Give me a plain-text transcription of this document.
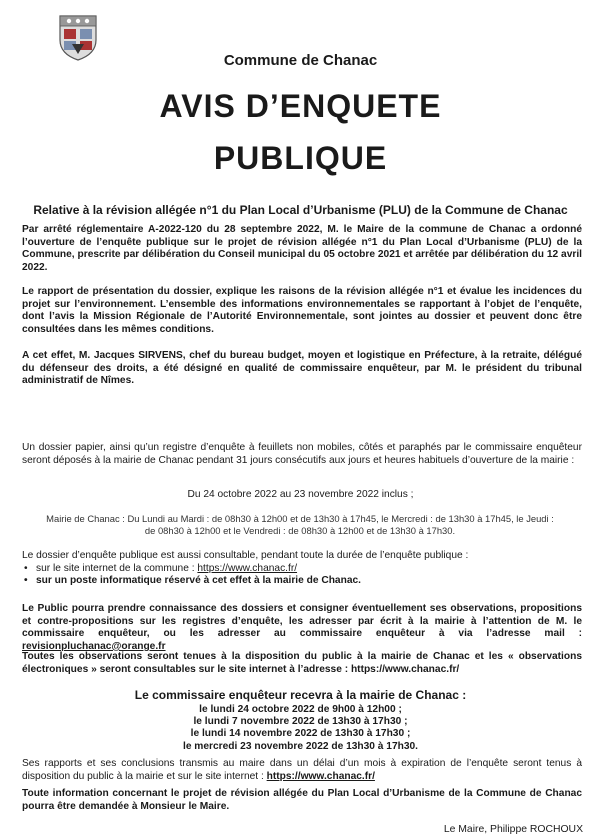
Commune de Chanac
AVIS D’ENQUETE
PUBLIQUE
Relative à la révision allégée n°1 du Plan Local d’Urbanisme (PLU) de la Commune de Chanac
Par arrêté réglementaire A-2022-120 du 28 septembre 2022, M. le Maire de la commune de Chanac a ordonné l’ouverture de l’enquête publique sur le projet de révision allégée n°1 du Plan Local d’Urbanisme (PLU) de la Commune, prescrite par délibération du Conseil municipal du 05 octobre 2021 et arrêtée par délibération du 12 avril 2022.
Le rapport de présentation du dossier, explique les raisons de la révision allégée n°1 et évalue les incidences du projet sur l’environnement. L’ensemble des informations environnementales se rapportant à l’objet de l’enquête, dont l’avis la Mission Régionale de l’Autorité Environnementale, sont jointes au dossier et peuvent donc être consultées dans les mêmes conditions.
A cet effet, M. Jacques SIRVENS, chef du bureau budget, moyen et logistique en Préfecture, à la retraite, délégué du défenseur des droits, a été désigné en qualité de commissaire enquêteur, par M. le président du tribunal administratif de Nîmes.
Un dossier papier, ainsi qu’un registre d’enquête à feuillets non mobiles, côtés et paraphés par le commissaire enquêteur seront déposés à la mairie de Chanac pendant 31 jours consécutifs aux jours et heures habituels d’ouverture de la mairie :
Du 24 octobre 2022 au 23 novembre 2022 inclus ;
Mairie de Chanac : Du Lundi au Mardi : de 08h30 à 12h00 et de 13h30 à 17h45, le Mercredi : de 13h30 à 17h45, le Jeudi : de 08h30 à 12h00 et le Vendredi : de 08h30 à 12h00 et de 13h30 à 17h30.
Le dossier d’enquête publique est aussi consultable, pendant toute la durée de l’enquête publique :
• sur le site internet de la commune : https://www.chanac.fr/
• sur un poste informatique réservé à cet effet à la mairie de Chanac.
Le Public pourra prendre connaissance des dossiers et consigner éventuellement ses observations, propositions et contre-propositions sur les registres d’enquête, les adresser par écrit à la mairie à l’attention de M. le commissaire enquêteur, ou les adresser au commissaire enquêteur à via l’adresse mail : revisionpluchanac@orange.fr
Toutes les observations seront tenues à la disposition du public à la mairie de Chanac et les « observations électroniques » seront consultables sur le site internet à l’adresse : https://www.chanac.fr/
Le commissaire enquêteur recevra à la mairie de Chanac :
le lundi 24 octobre 2022 de 9h00 à 12h00 ;
le lundi 7 novembre 2022 de 13h30 à 17h30 ;
le lundi 14 novembre 2022 de 13h30 à 17h30 ;
le mercredi 23 novembre 2022 de 13h30 à 17h30.
Ses rapports et ses conclusions transmis au maire dans un délai d’un mois à expiration de l’enquête seront tenus à disposition du public à la mairie et sur le site internet : https://www.chanac.fr/
Toute information concernant le projet de révision allégée du Plan Local d’Urbanisme de la Commune de Chanac pourra être demandée à Monsieur le Maire.
Le Maire, Philippe ROCHOUX
